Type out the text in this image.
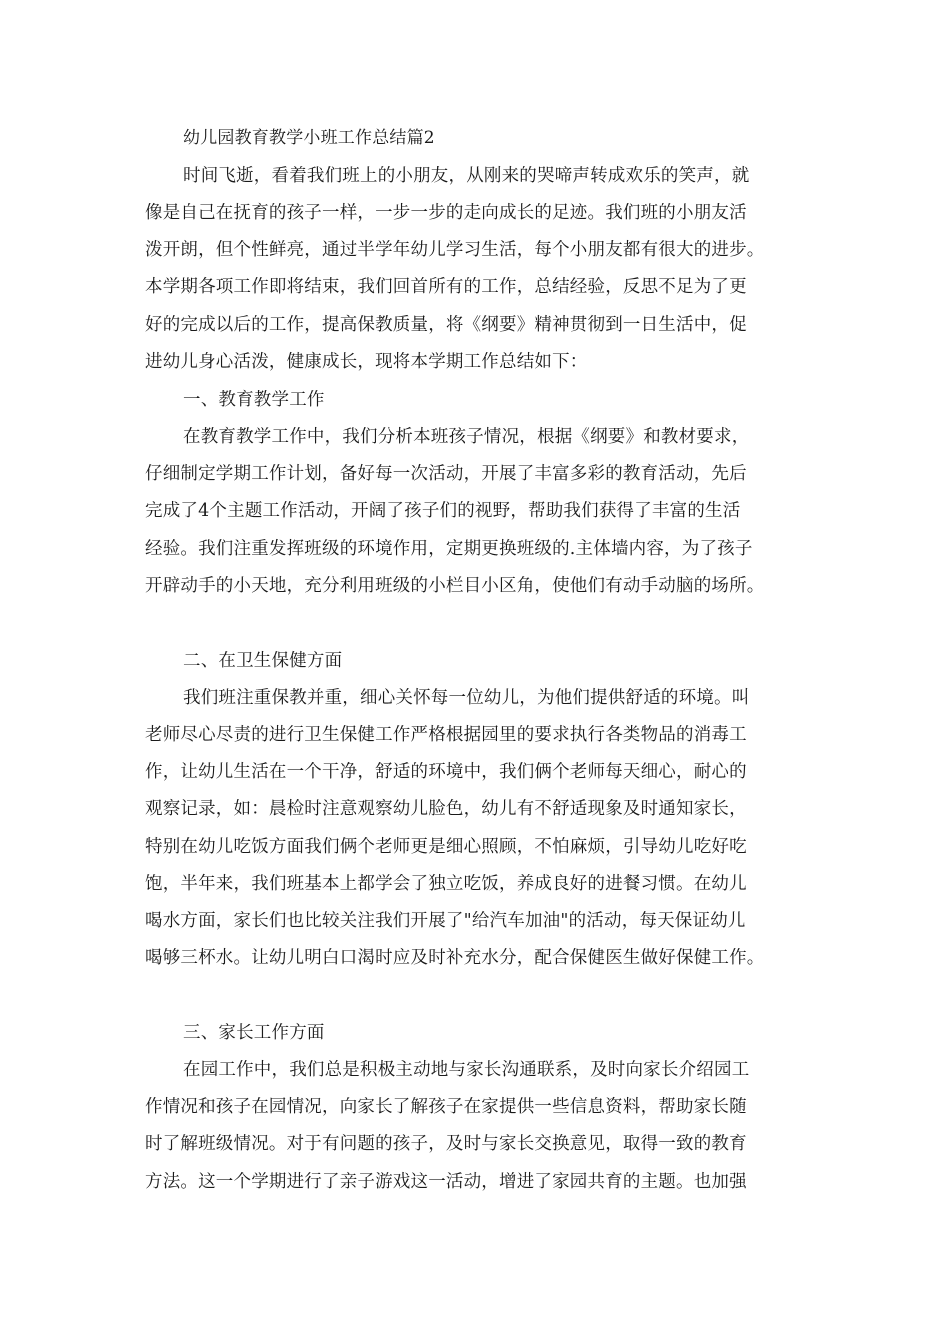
幼儿园教育教学小班工作总结篇2
时间飞逝，看着我们班上的小朋友，从刚来的哭啼声转成欢乐的笑声，就
像是自己在抚育的孩子一样，一步一步的走向成长的足迹。我们班的小朋友活
泼开朗，但个性鲜亮，通过半学年幼儿学习生活，每个小朋友都有很大的进步。
本学期各项工作即将结束，我们回首所有的工作，总结经验，反思不足为了更
好的完成以后的工作，提高保教质量，将《纲要》精神贯彻到一日生活中，促
进幼儿身心活泼，健康成长，现将本学期工作总结如下：
一、教育教学工作
在教育教学工作中，我们分析本班孩子情况，根据《纲要》和教材要求，
仔细制定学期工作计划，备好每一次活动，开展了丰富多彩的教育活动，先后
完成了4个主题工作活动，开阔了孩子们的视野，帮助我们获得了丰富的生活
经验。我们注重发挥班级的环境作用，定期更换班级的.主体墙内容，为了孩子
开辟动手的小天地，充分利用班级的小栏目小区角，使他们有动手动脑的场所。
二、在卫生保健方面
我们班注重保教并重，细心关怀每一位幼儿，为他们提供舒适的环境。叫
老师尽心尽责的进行卫生保健工作严格根据园里的要求执行各类物品的消毒工
作，让幼儿生活在一个干净，舒适的环境中，我们俩个老师每天细心，耐心的
观察记录，如：晨检时注意观察幼儿脸色，幼儿有不舒适现象及时通知家长，
特别在幼儿吃饭方面我们俩个老师更是细心照顾，不怕麻烦，引导幼儿吃好吃
饱，半年来，我们班基本上都学会了独立吃饭，养成良好的进餐习惯。在幼儿
喝水方面，家长们也比较关注我们开展了"给汽车加油"的活动，每天保证幼儿
喝够三杯水。让幼儿明白口渴时应及时补充水分，配合保健医生做好保健工作。
三、家长工作方面
在园工作中，我们总是积极主动地与家长沟通联系，及时向家长介绍园工
作情况和孩子在园情况，向家长了解孩子在家提供一些信息资料，帮助家长随
时了解班级情况。对于有问题的孩子，及时与家长交换意见，取得一致的教育
方法。这一个学期进行了亲子游戏这一活动，增进了家园共育的主题。也加强
